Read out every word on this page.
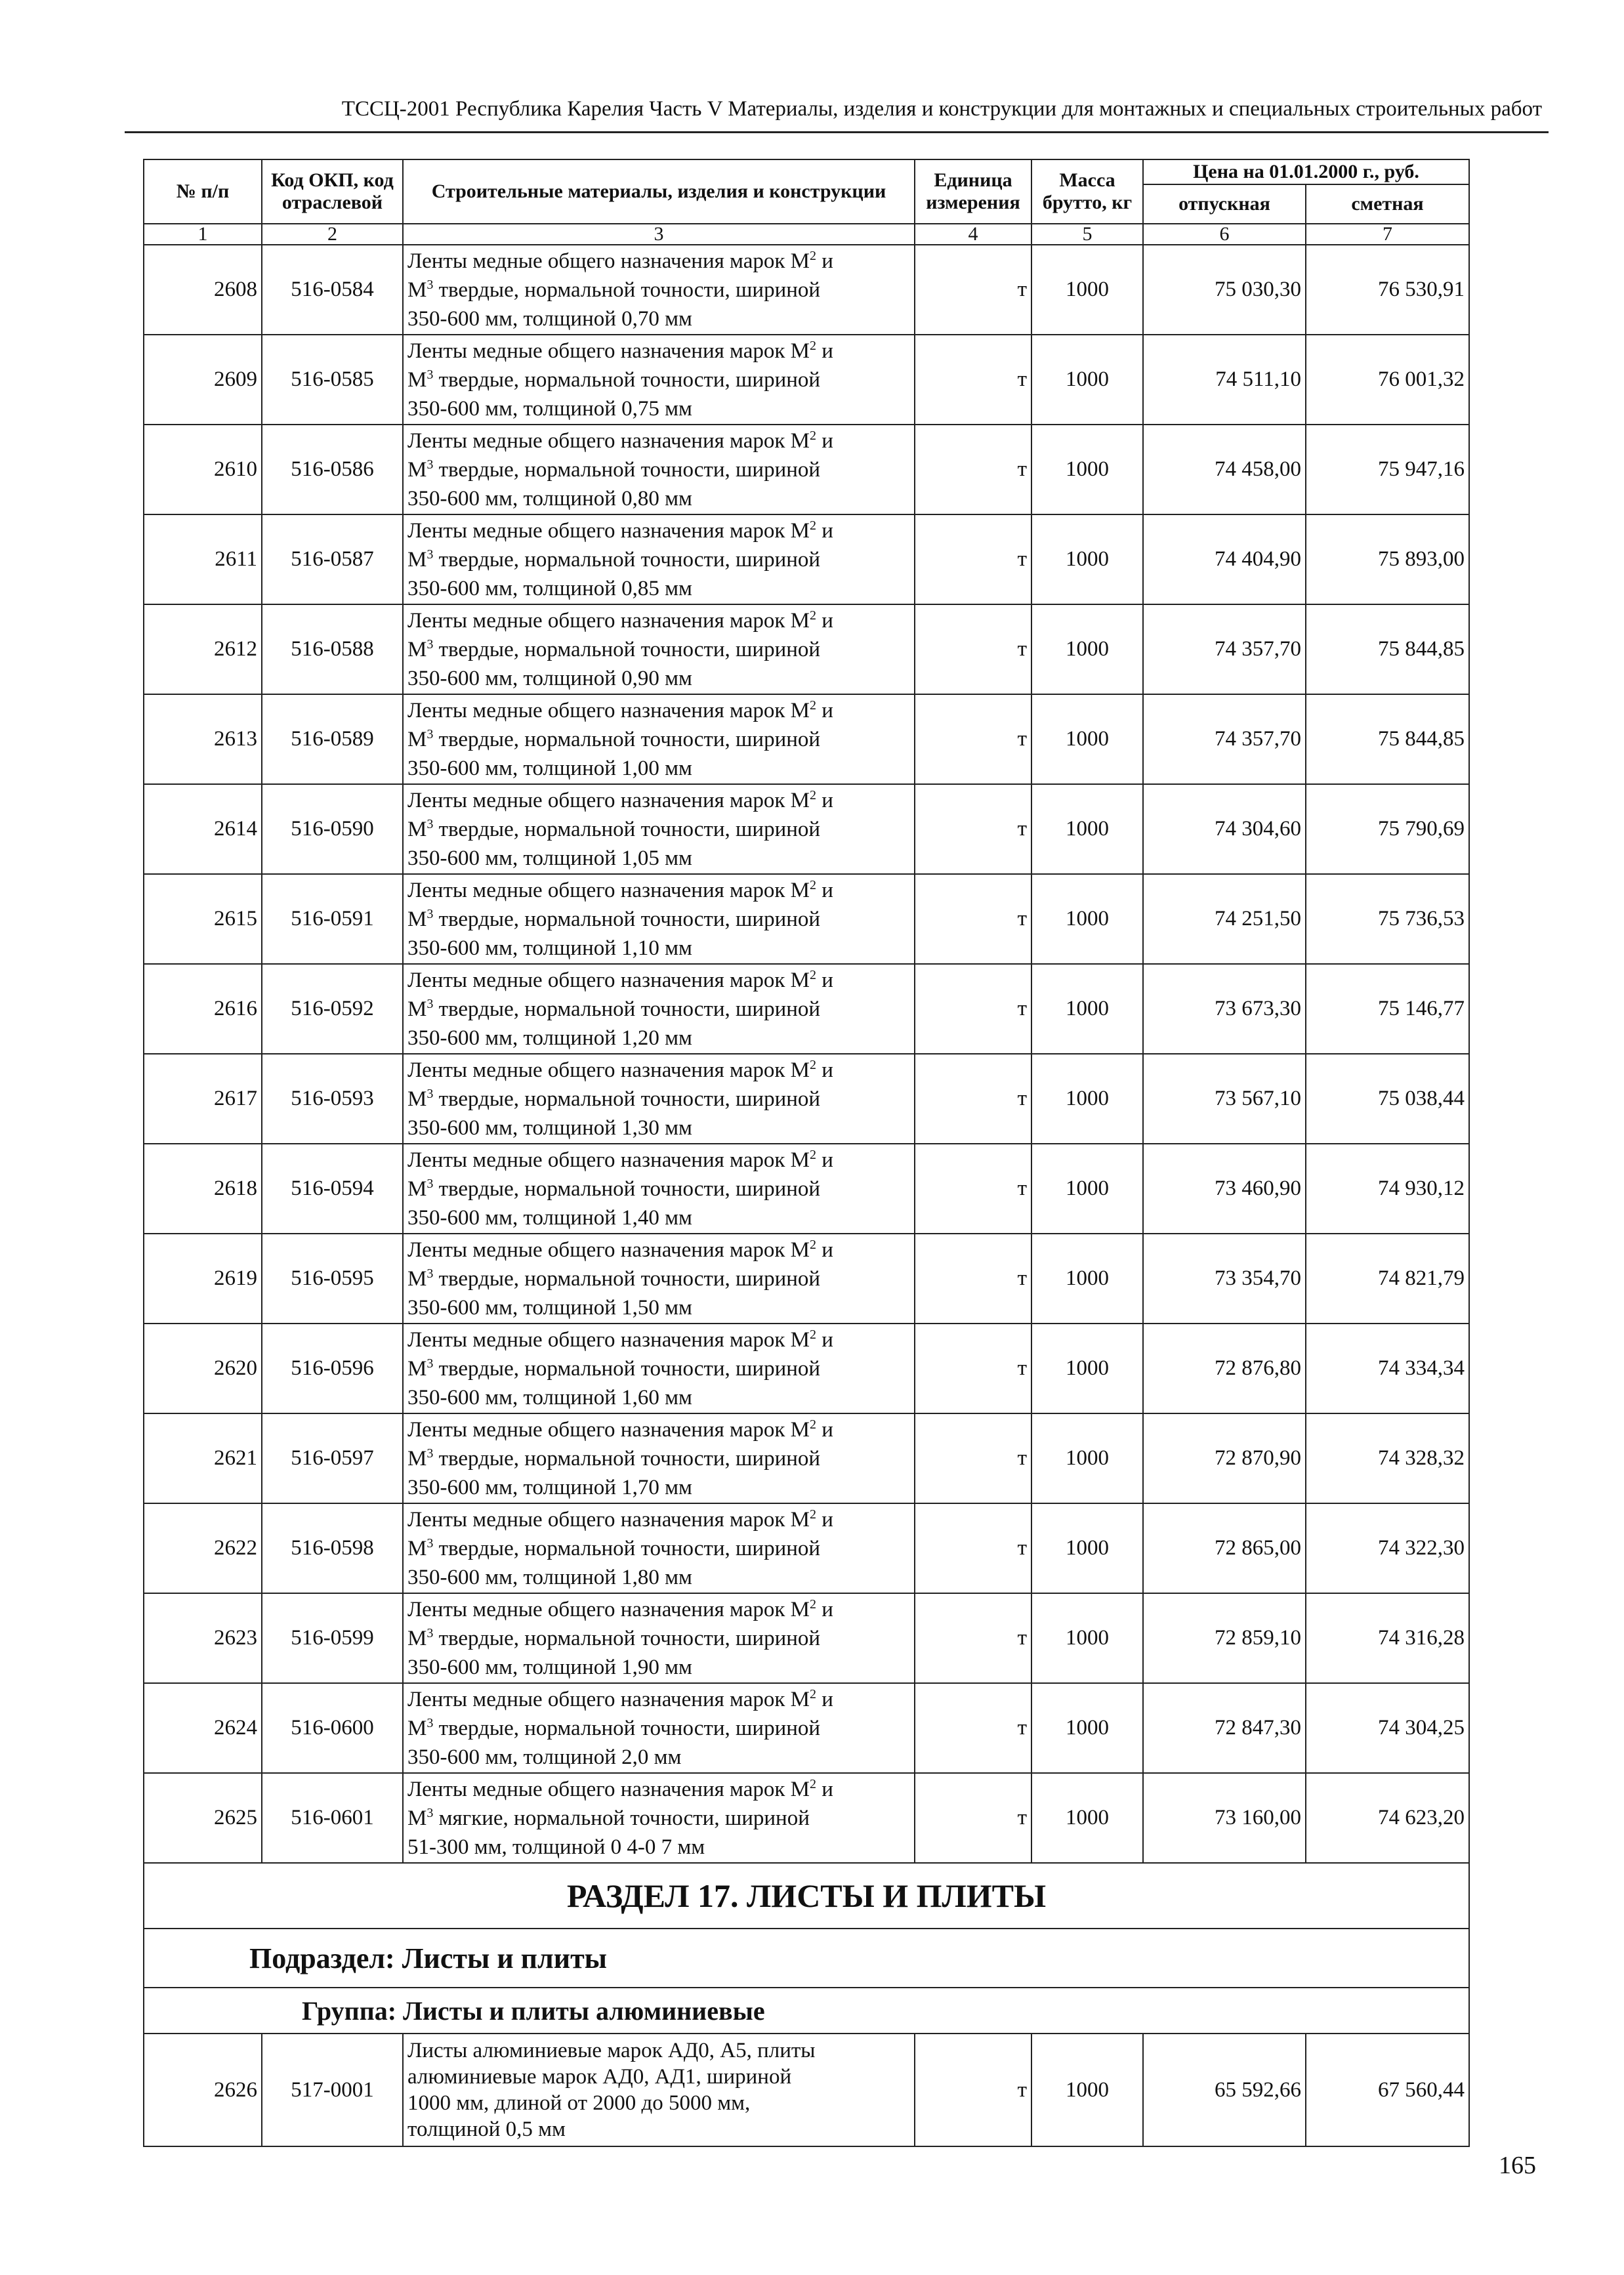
ТССЦ-2001 Республика Карелия Часть V Материалы, изделия и конструкции для монтажных и специальных строительных работ
№ п/п	Код ОКП, код отраслевой	Строительные материалы, изделия и конструкции	Единица измерения	Масса брутто, кг	Цена на 01.01.2000 г., руб.	
					отпускная	сметная
1	2	3	4	5	6	7
2608	516-0584	Ленты медные общего назначения марок $М^2$ и
$М^3$ твердые, нормальной точности, шириной
350-600 мм, толщиной 0,70 мм	т	1000	75 030,30	76 530,91
2609	516-0585	Ленты медные общего назначения марок $М^2$ и
$М^3$ твердые, нормальной точности, шириной
350-600 мм, толщиной 0,75 мм	т	1000	74 511,10	76 001,32
2610	516-0586	Ленты медные общего назначения марок $М^2$ и
$М^3$ твердые, нормальной точности, шириной
350-600 мм, толщиной 0,80 мм	т	1000	74 458,00	75 947,16
2611	516-0587	Ленты медные общего назначения марок $М^2$ и
$М^3$ твердые, нормальной точности, шириной
350-600 мм, толщиной 0,85 мм	т	1000	74 404,90	75 893,00
2612	516-0588	Ленты медные общего назначения марок $М^2$ и
$М^3$ твердые, нормальной точности, шириной
350-600 мм, толщиной 0,90 мм	т	1000	74 357,70	75 844,85
2613	516-0589	Ленты медные общего назначения марок $М^2$ и
$М^3$ твердые, нормальной точности, шириной
350-600 мм, толщиной 1,00 мм	т	1000	74 357,70	75 844,85
2614	516-0590	Ленты медные общего назначения марок $М^2$ и
$М^3$ твердые, нормальной точности, шириной
350-600 мм, толщиной 1,05 мм	т	1000	74 304,60	75 790,69
2615	516-0591	Ленты медные общего назначения марок $М^2$ и
$М^3$ твердые, нормальной точности, шириной
350-600 мм, толщиной 1,10 мм	т	1000	74 251,50	75 736,53
2616	516-0592	Ленты медные общего назначения марок $М^2$ и
$М^3$ твердые, нормальной точности, шириной
350-600 мм, толщиной 1,20 мм	т	1000	73 673,30	75 146,77
2617	516-0593	Ленты медные общего назначения марок $М^2$ и
$М^3$ твердые, нормальной точности, шириной
350-600 мм, толщиной 1,30 мм	т	1000	73 567,10	75 038,44
2618	516-0594	Ленты медные общего назначения марок $М^2$ и
$М^3$ твердые, нормальной точности, шириной
350-600 мм, толщиной 1,40 мм	т	1000	73 460,90	74 930,12
2619	516-0595	Ленты медные общего назначения марок $М^2$ и
$М^3$ твердые, нормальной точности, шириной
350-600 мм, толщиной 1,50 мм	т	1000	73 354,70	74 821,79
2620	516-0596	Ленты медные общего назначения марок $М^2$ и
$М^3$ твердые, нормальной точности, шириной
350-600 мм, толщиной 1,60 мм	т	1000	72 876,80	74 334,34
2621	516-0597	Ленты медные общего назначения марок $М^2$ и
$М^3$ твердые, нормальной точности, шириной
350-600 мм, толщиной 1,70 мм	т	1000	72 870,90	74 328,32
2622	516-0598	Ленты медные общего назначения марок $М^2$ и
$М^3$ твердые, нормальной точности, шириной
350-600 мм, толщиной 1,80 мм	т	1000	72 865,00	74 322,30
2623	516-0599	Ленты медные общего назначения марок $М^2$ и
$М^3$ твердые, нормальной точности, шириной
350-600 мм, толщиной 1,90 мм	т	1000	72 859,10	74 316,28
2624	516-0600	Ленты медные общего назначения марок $М^2$ и
$М^3$ твердые, нормальной точности, шириной
350-600 мм, толщиной 2,0 мм	т	1000	72 847,30	74 304,25
2625	516-0601	Ленты медные общего назначения марок $М^2$ и
$М^3$ мягкие, нормальной точности, шириной
51-300 мм, толщиной 0 4-0 7 мм	т	1000	73 160,00	74 623,20
РАЗДЕЛ 17. ЛИСТЫ И ПЛИТЫ						
Подраздел: Листы и плиты						
Группа: Листы и плиты алюминиевые						
2626	517-0001	Листы алюминиевые марок АД0, А5, плиты
алюминиевые марок АД0, АД1, шириной
1000 мм, длиной от 2000 до 5000 мм,
толщиной 0,5 мм	т	1000	65 592,66	67 560,44
165
